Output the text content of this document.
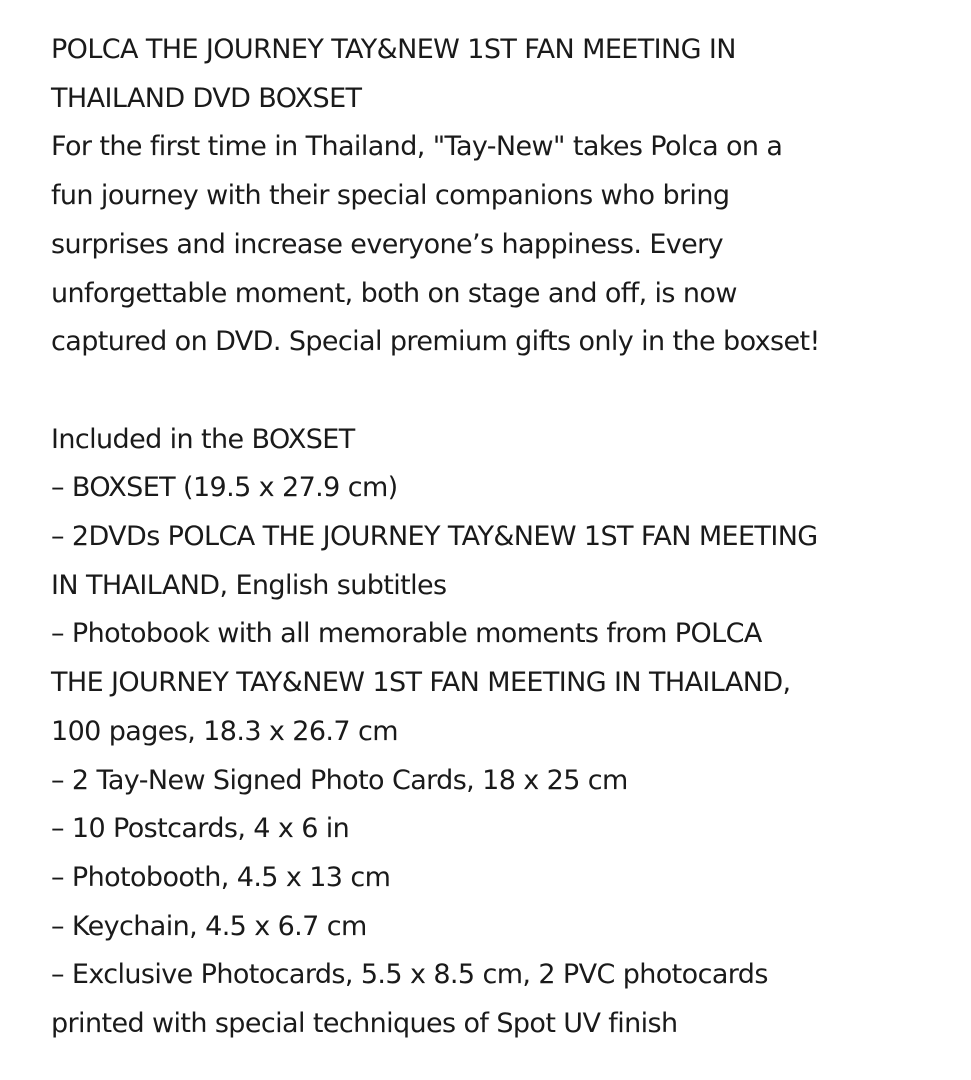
POLCA THE JOURNEY TAY&NEW 1ST FAN MEETING IN
THAILAND DVD BOXSET
For the first time in Thailand, "Tay-New" takes Polca on a
fun journey with their special companions who bring
surprises and increase everyone’s happiness. Every
unforgettable moment, both on stage and off, is now
captured on DVD. Special premium gifts only in the boxset!
Included in the BOXSET
– BOXSET (19.5 x 27.9 cm)
– 2DVDs POLCA THE JOURNEY TAY&NEW 1ST FAN MEETING
IN THAILAND, English subtitles
– Photobook with all memorable moments from POLCA
THE JOURNEY TAY&NEW 1ST FAN MEETING IN THAILAND,
100 pages, 18.3 x 26.7 cm
– 2 Tay-New Signed Photo Cards, 18 x 25 cm
– 10 Postcards, 4 x 6 in
– Photobooth, 4.5 x 13 cm
– Keychain, 4.5 x 6.7 cm
– Exclusive Photocards, 5.5 x 8.5 cm, 2 PVC photocards
printed with special techniques of Spot UV finish
